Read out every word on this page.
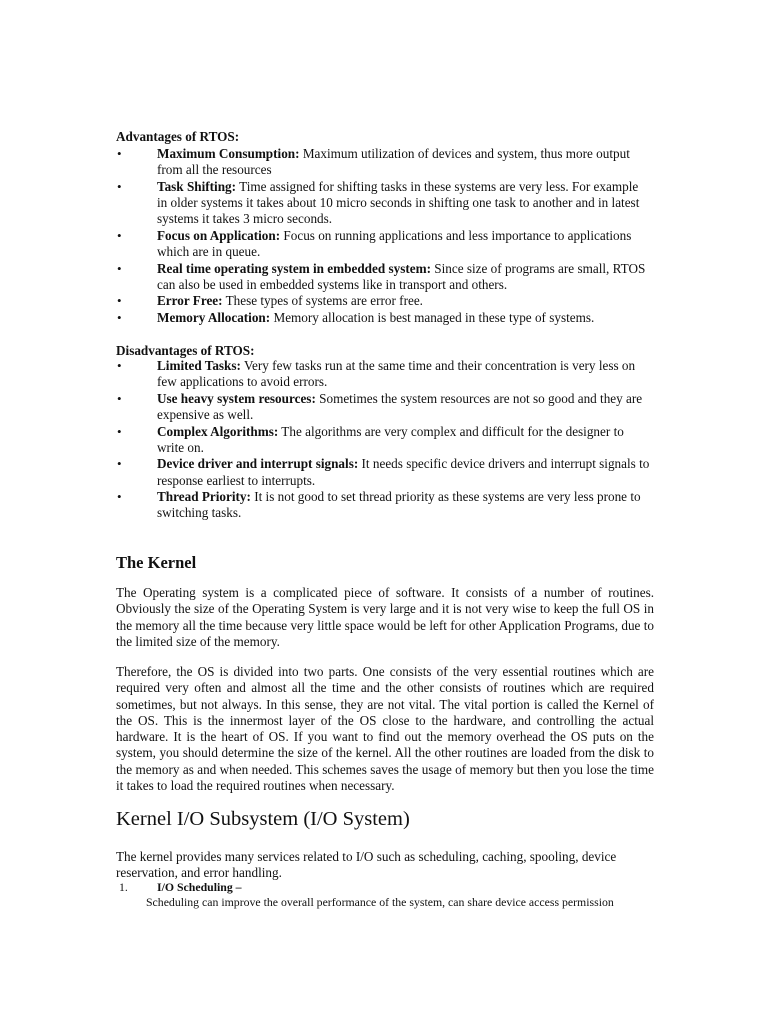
Advantages of RTOS:
•	Maximum Consumption: Maximum utilization of devices and system, thus more output from all the resources
•	Task Shifting: Time assigned for shifting tasks in these systems are very less. For example in older systems it takes about 10 micro seconds in shifting one task to another and in latest systems it takes 3 micro seconds.
•	Focus on Application: Focus on running applications and less importance to applications which are in queue.
•	Real time operating system in embedded system: Since size of programs are small, RTOS can also be used in embedded systems like in transport and others.
•	Error Free: These types of systems are error free.
•	Memory Allocation: Memory allocation is best managed in these type of systems.
Disadvantages of RTOS:
•	Limited Tasks: Very few tasks run at the same time and their concentration is very less on few applications to avoid errors.
•	Use heavy system resources: Sometimes the system resources are not so good and they are expensive as well.
•	Complex Algorithms: The algorithms are very complex and difficult for the designer to write on.
•	Device driver and interrupt signals: It needs specific device drivers and interrupt signals to response earliest to interrupts.
•	Thread Priority: It is not good to set thread priority as these systems are very less prone to switching tasks.
The Kernel

The Operating system is a complicated piece of software. It consists of a number of routines. Obviously the size of the Operating System is very large and it is not very wise to keep the full OS in the memory all the time because very little space would be left for other Application Programs, due to the limited size of the memory.

Therefore, the OS is divided into two parts. One consists of the very essential routines which are required very often and almost all the time and the other consists of routines which are required sometimes, but not always. In this sense, they are not vital. The vital portion is called the Kernel of the OS. This is the innermost layer of the OS close to the hardware, and controlling the actual hardware. It is the heart of OS. If you want to find out the memory overhead the OS puts on the system, you should determine the size of the kernel. All the other routines are loaded from the disk to the memory as and when needed. This schemes saves the usage of memory but then you lose the time it takes to load the required routines when necessary.

Kernel I/O Subsystem (I/O System)

The kernel provides many services related to I/O such as scheduling, caching, spooling, device reservation, and error handling.

1. I/O Scheduling –
Scheduling can improve the overall performance of the system, can share device access permission
